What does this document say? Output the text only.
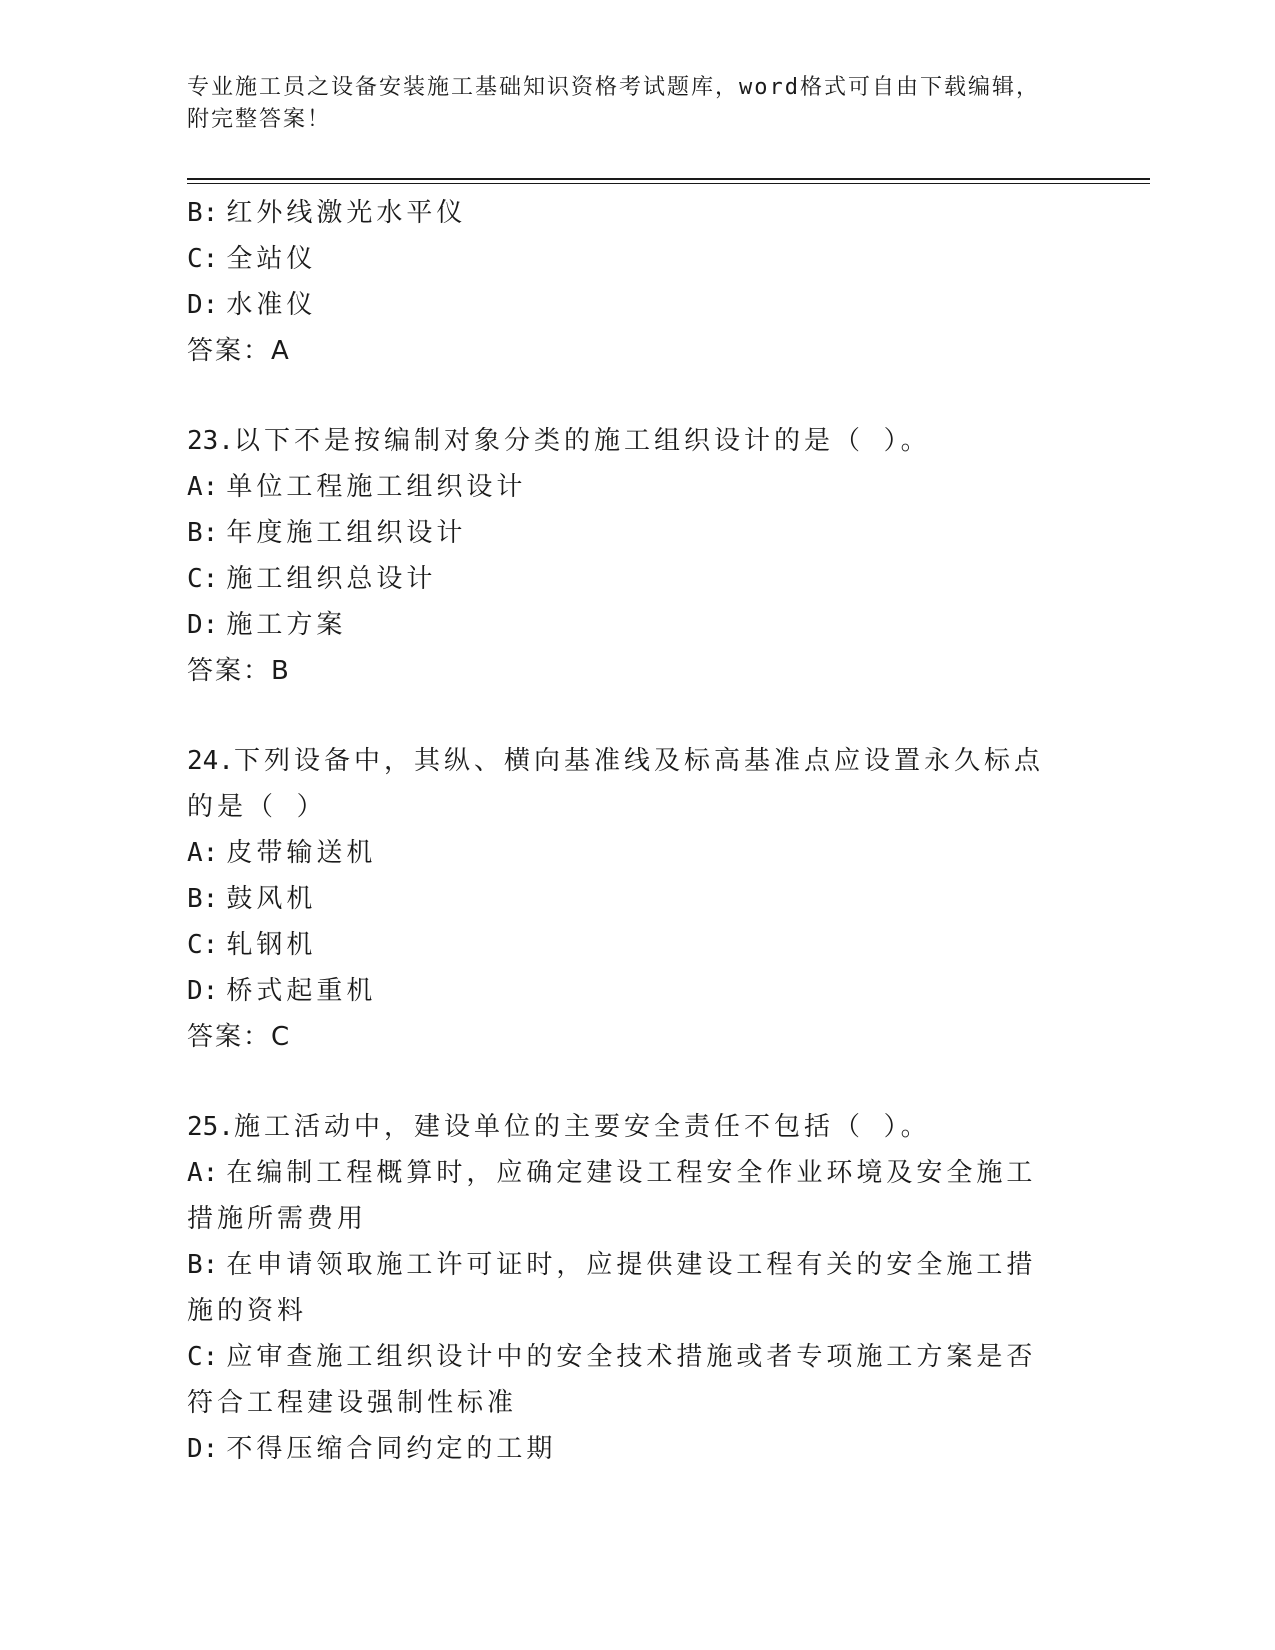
专业施工员之设备安装施工基础知识资格考试题库，word格式可自由下载编辑，
附完整答案！
B: 红外线激光水平仪
C: 全站仪
D: 水准仪
答案：A
23.以下不是按编制对象分类的施工组织设计的是（ ）。
A: 单位工程施工组织设计
B: 年度施工组织设计
C: 施工组织总设计
D: 施工方案
答案：B
24.下列设备中，其纵、横向基准线及标高基准点应设置永久标点的是（ ）
A: 皮带输送机
B: 鼓风机
C: 轧钢机
D: 桥式起重机
答案：C
25.施工活动中，建设单位的主要安全责任不包括（ ）。
A: 在编制工程概算时，应确定建设工程安全作业环境及安全施工措施所需费用
B: 在申请领取施工许可证时，应提供建设工程有关的安全施工措施的资料
C: 应审查施工组织设计中的安全技术措施或者专项施工方案是否符合工程建设强制性标准
D: 不得压缩合同约定的工期
